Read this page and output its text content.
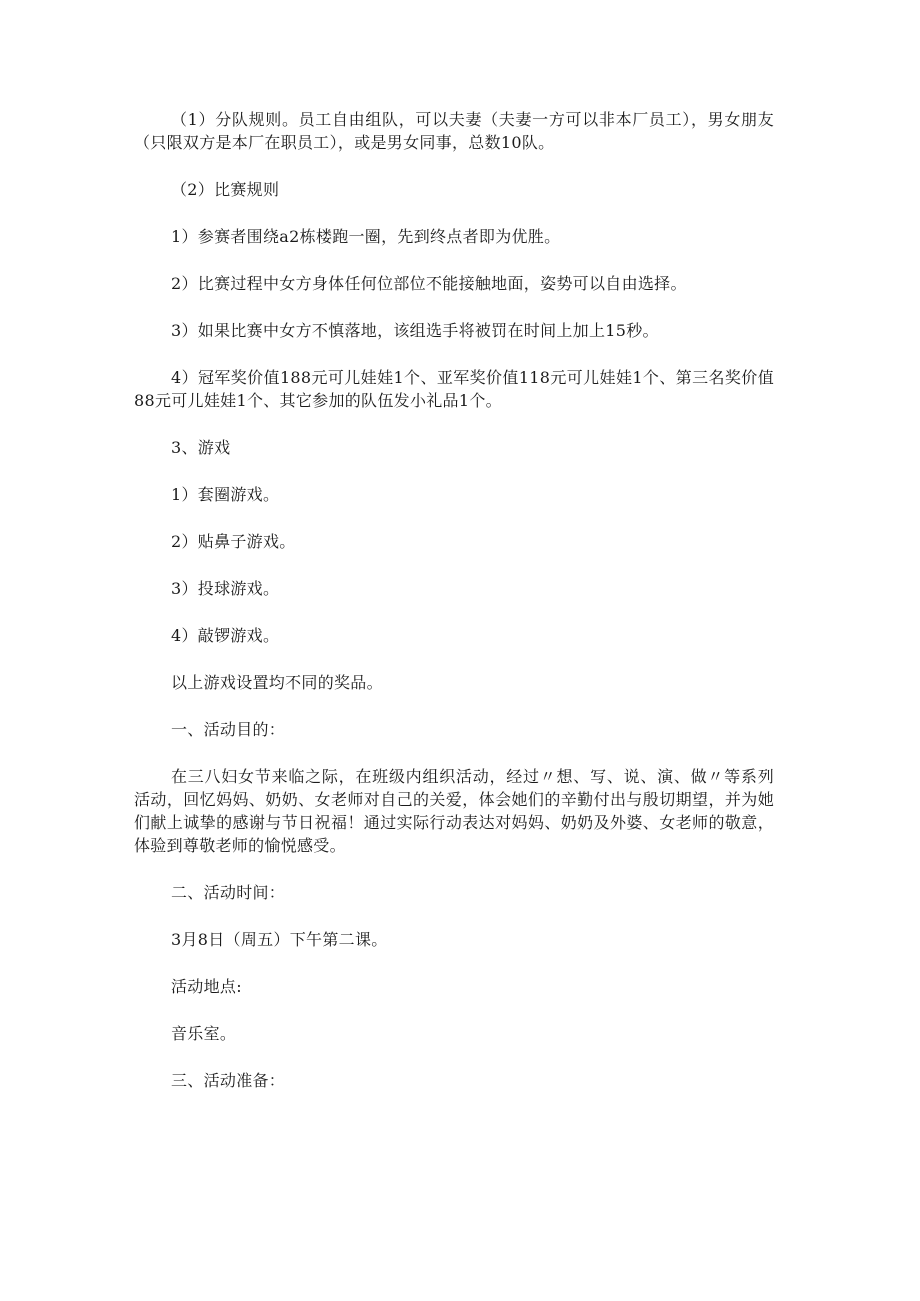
（1）分队规则。员工自由组队，可以夫妻（夫妻一方可以非本厂员工），男女朋友（只限双方是本厂在职员工），或是男女同事，总数10队。

（2）比赛规则

1）参赛者围绕a2栋楼跑一圈，先到终点者即为优胜。

2）比赛过程中女方身体任何位部位不能接触地面，姿势可以自由选择。

3）如果比赛中女方不慎落地，该组选手将被罚在时间上加上15秒。

4）冠军奖价值188元可儿娃娃1个、亚军奖价值118元可儿娃娃1个、第三名奖价值88元可儿娃娃1个、其它参加的队伍发小礼品1个。

3、游戏

1）套圈游戏。

2）贴鼻子游戏。

3）投球游戏。

4）敲锣游戏。

以上游戏设置均不同的奖品。

一、活动目的：

在三八妇女节来临之际，在班级内组织活动，经过〃想、写、说、演、做〃等系列活动，回忆妈妈、奶奶、女老师对自己的关爱，体会她们的辛勤付出与殷切期望，并为她们献上诚挚的感谢与节日祝福！通过实际行动表达对妈妈、奶奶及外婆、女老师的敬意，体验到尊敬老师的愉悦感受。

二、活动时间：

3月8日（周五）下午第二课。

活动地点:

音乐室。

三、活动准备：
